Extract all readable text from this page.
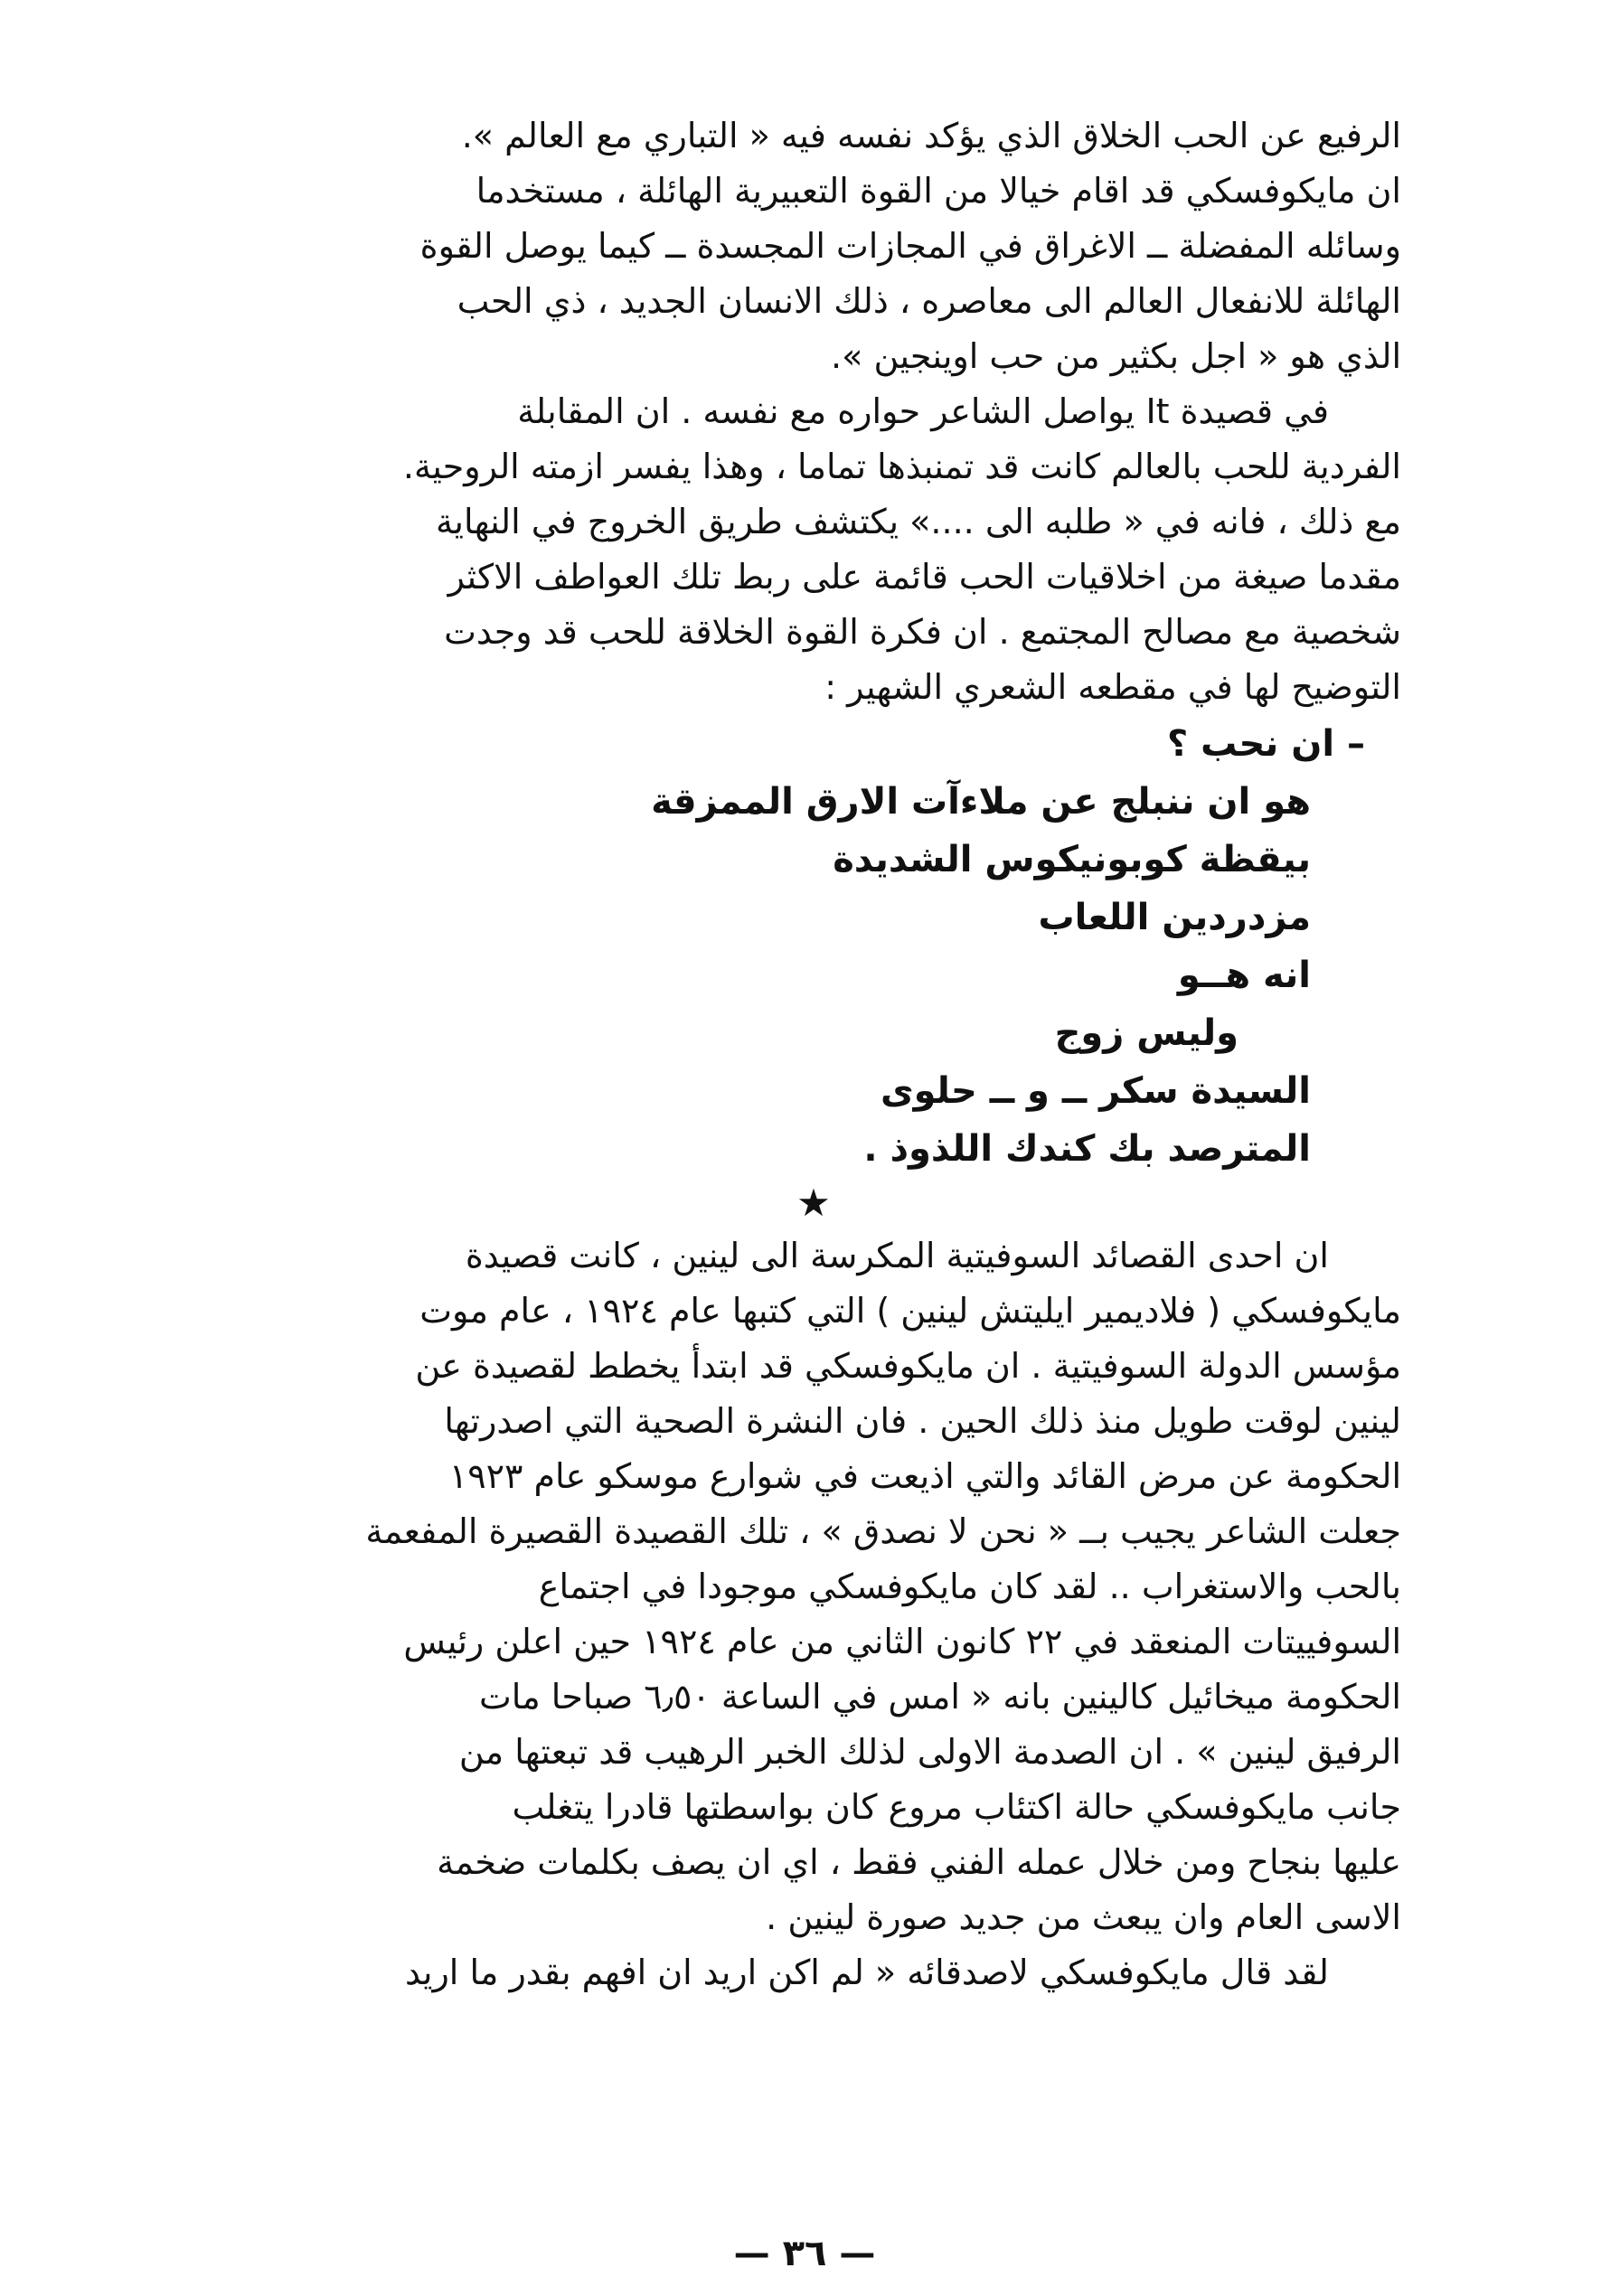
الرفيع عن الحب الخلاق الذي يؤكد نفسه فيه « التباري مع العالم ».
ان مايكوفسكي قد اقام خيالا من القوة التعبيرية الهائلة ، مستخدما
وسائله المفضلة ــ الاغراق في المجازات المجسدة ــ كيما يوصل القوة
الهائلة للانفعال العالم الى معاصره ، ذلك الانسان الجديد ، ذي الحب
الذي هو « اجل بكثير من حب اوينجين ».
في قصيدة It يواصل الشاعر حواره مع نفسه . ان المقابلة
الفردية للحب بالعالم كانت قد تمنبذها تماما ، وهذا يفسر ازمته الروحية.
مع ذلك ، فانه في « طلبه الى ....» يكتشف طريق الخروج في النهاية
مقدما صيغة من اخلاقيات الحب قائمة على ربط تلك العواطف الاكثر
شخصية مع مصالح المجتمع . ان فكرة القوة الخلاقة للحب قد وجدت
التوضيح لها في مقطعه الشعري الشهير :
– ان نحب ؟
هو ان ننبلج عن ملاءآت الارق الممزقة
بيقظة كوبونيكوس الشديدة
مزدردين اللعاب
انه هــو
وليس زوج
السيدة سكر ــ و ــ حلوى
المترصد بك كندك اللذوذ .

★

ان احدى القصائد السوفيتية المكرسة الى لينين ، كانت قصيدة
مايكوفسكي ( فلاديمير ايليتش لينين ) التي كتبها عام ١٩٢٤ ، عام موت
مؤسس الدولة السوفيتية . ان مايكوفسكي قد ابتدأ يخطط لقصيدة عن
لينين لوقت طويل منذ ذلك الحين . فان النشرة الصحية التي اصدرتها
الحكومة عن مرض القائد والتي اذيعت في شوارع موسكو عام ١٩٢٣
جعلت الشاعر يجيب بــ « نحن لا نصدق » ، تلك القصيدة القصيرة المفعمة
بالحب والاستغراب .. لقد كان مايكوفسكي موجودا في اجتماع
السوفييتات المنعقد في ٢٢ كانون الثاني من عام ١٩٢٤ حين اعلن رئيس
الحكومة ميخائيل كالينين بانه « امس في الساعة ٦٫٥٠ صباحا مات
الرفيق لينين » . ان الصدمة الاولى لذلك الخبر الرهيب قد تبعتها من
جانب مايكوفسكي حالة اكتئاب مروع كان بواسطتها قادرا يتغلب
عليها بنجاح ومن خلال عمله الفني فقط ، اي ان يصف بكلمات ضخمة
الاسى العام وان يبعث من جديد صورة لينين .
لقد قال مايكوفسكي لاصدقائه « لم اكن اريد ان افهم بقدر ما اريد
— ٣٦ —
